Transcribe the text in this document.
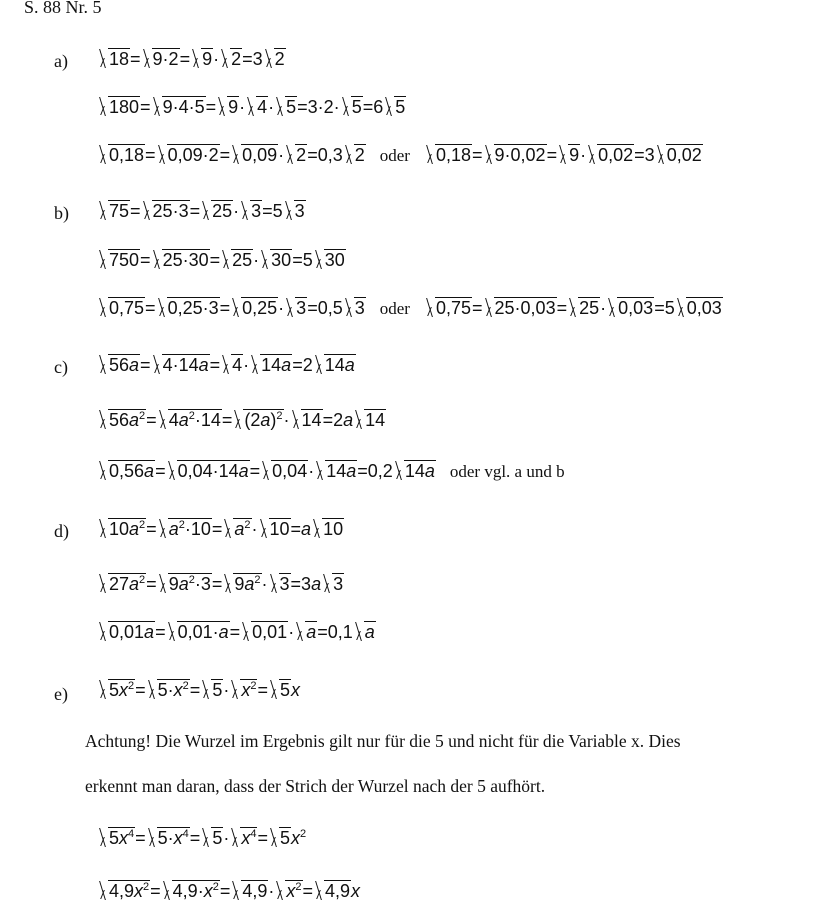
S. 88 Nr. 5
a)	18= 9·2= 9· 2=3 2
180= 9·4·5= 9· 4· 5=3·2· 5=6 5
0,18= 0,09·2= 0,09· 2=0,3 2 oder 0,18= 9·0,02= 9· 0,02=3 0,02
b)	75= 25·3= 25· 3=5 3
750= 25·30= 25· 30=5 30
0,75= 0,25·3= 0,25· 3=0,5 3 oder 0,75= 25·0,03= 25· 0,03=5 0,03
c)	56a= 4·14a= 4· 14a=2 14a
$56a^2= 4a^2\cdot 14= (2a)^2\cdot 14=2a$ 14
0,56a= 0,04·14a= 0,04· 14a=0,2 14a oder vgl. a und b
d)	$10a^2= a^2\cdot 10= a^2\cdot 10=a$ 10
$27a^2= 9a^2\cdot 3= 9a^2\cdot 3=3a$ 3
0,01a= 0,01·a= 0,01· a=0,1 a
e)	$5x^2= 5\cdot x^2= 5\cdot x^2= 5x$
Achtung! Die Wurzel im Ergebnis gilt nur für die 5 und nicht für die Variable x. Dies
erkennt man daran, dass der Strich der Wurzel nach der 5 aufhört.
$5x^4= 5\cdot x^4= 5\cdot x^4= 5x^2$
$4,9x^2= 4,9\cdot x^2= 4,9\cdot x^2= 4,9x$
